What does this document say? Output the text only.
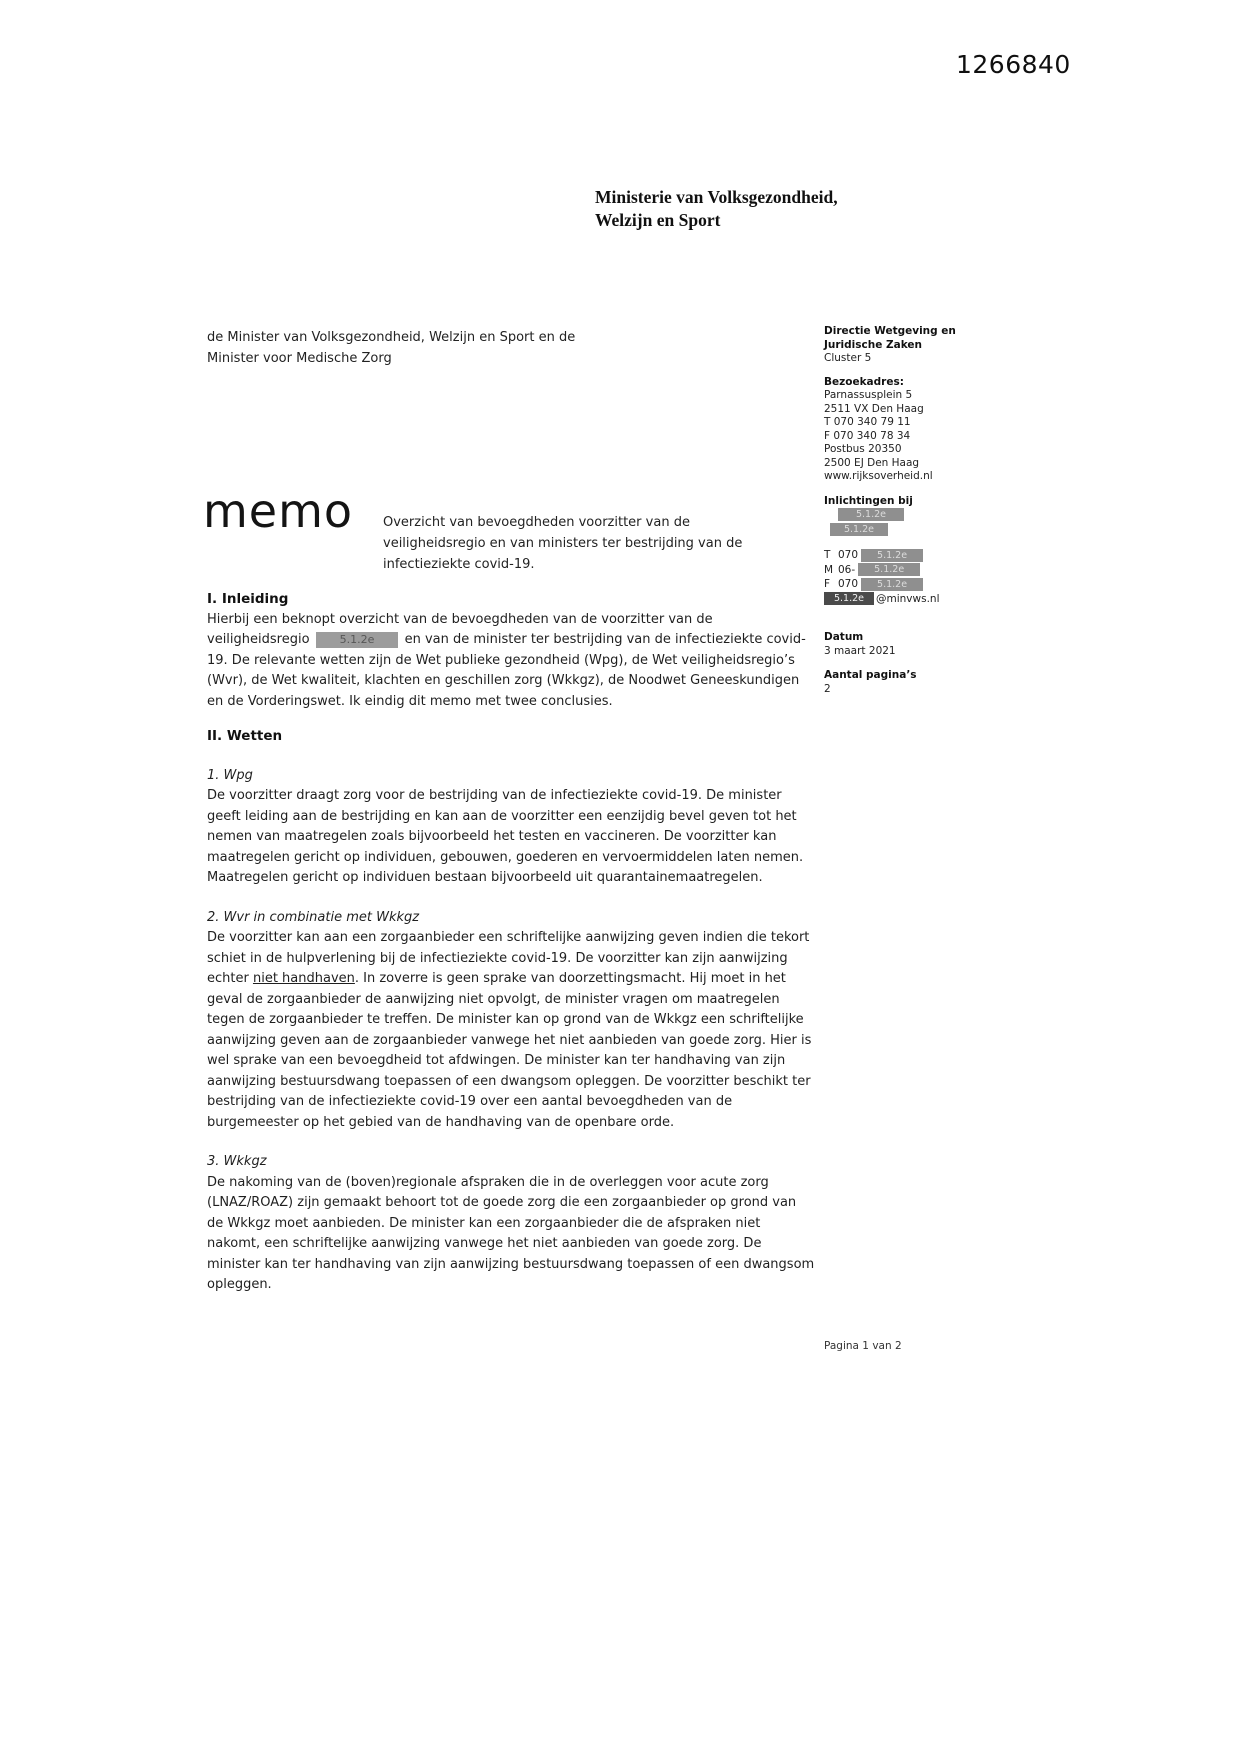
1266840
Ministerie van Volksgezondheid,
Welzijn en Sport
de Minister van Volksgezondheid, Welzijn en Sport en de
Minister voor Medische Zorg
Directie Wetgeving en
Juridische Zaken
Cluster 5
Bezoekadres:
Parnassusplein 5
2511 VX Den Haag
T 070 340 79 11
F 070 340 78 34
Postbus 20350
2500 EJ Den Haag
www.rijksoverheid.nl
Inlichtingen bij
5.1.2e
5.1.2e
T 070 5.1.2e
M 06- 5.1.2e
F 070 5.1.2e
5.1.2e @minvws.nl
Datum
3 maart 2021
Aantal pagina’s
2
memo Overzicht van bevoegdheden voorzitter van de
veiligheidsregio en van ministers ter bestrijding van de
infectieziekte covid-19.
I. Inleiding

Hierbij een beknopt overzicht van de bevoegdheden van de voorzitter van de veiligheidsregio 5.1.2e en van de minister ter bestrijding van de infectieziekte covid-19. De relevante wetten zijn de Wet publieke gezondheid (Wpg), de Wet veiligheidsregio’s (Wvr), de Wet kwaliteit, klachten en geschillen zorg (Wkkgz), de Noodwet Geneeskundigen en de Vorderingswet. Ik eindig dit memo met twee conclusies.

II. Wetten
1. Wpg

De voorzitter draagt zorg voor de bestrijding van de infectieziekte covid-19. De minister geeft leiding aan de bestrijding en kan aan de voorzitter een eenzijdig bevel geven tot het nemen van maatregelen zoals bijvoorbeeld het testen en vaccineren. De voorzitter kan maatregelen gericht op individuen, gebouwen, goederen en vervoermiddelen laten nemen. Maatregelen gericht op individuen bestaan bijvoorbeeld uit quarantainemaatregelen.

2. Wvr in combinatie met Wkkgz

De voorzitter kan aan een zorgaanbieder een schriftelijke aanwijzing geven indien die tekort schiet in de hulpverlening bij de infectieziekte covid-19. De voorzitter kan zijn aanwijzing echter niet handhaven. In zoverre is geen sprake van doorzettingsmacht. Hij moet in het geval de zorgaanbieder de aanwijzing niet opvolgt, de minister vragen om maatregelen tegen de zorgaanbieder te treffen. De minister kan op grond van de Wkkgz een schriftelijke aanwijzing geven aan de zorgaanbieder vanwege het niet aanbieden van goede zorg. Hier is wel sprake van een bevoegdheid tot afdwingen. De minister kan ter handhaving van zijn aanwijzing bestuursdwang toepassen of een dwangsom opleggen. De voorzitter beschikt ter bestrijding van de infectieziekte covid-19 over een aantal bevoegdheden van de burgemeester op het gebied van de handhaving van de openbare orde.

3. Wkkgz

De nakoming van de (boven)regionale afspraken die in de overleggen voor acute zorg (LNAZ/ROAZ) zijn gemaakt behoort tot de goede zorg die een zorgaanbieder op grond van de Wkkgz moet aanbieden. De minister kan een zorgaanbieder die de afspraken niet nakomt, een schriftelijke aanwijzing vanwege het niet aanbieden van goede zorg. De minister kan ter handhaving van zijn aanwijzing bestuursdwang toepassen of een dwangsom opleggen.

Pagina 1 van 2
